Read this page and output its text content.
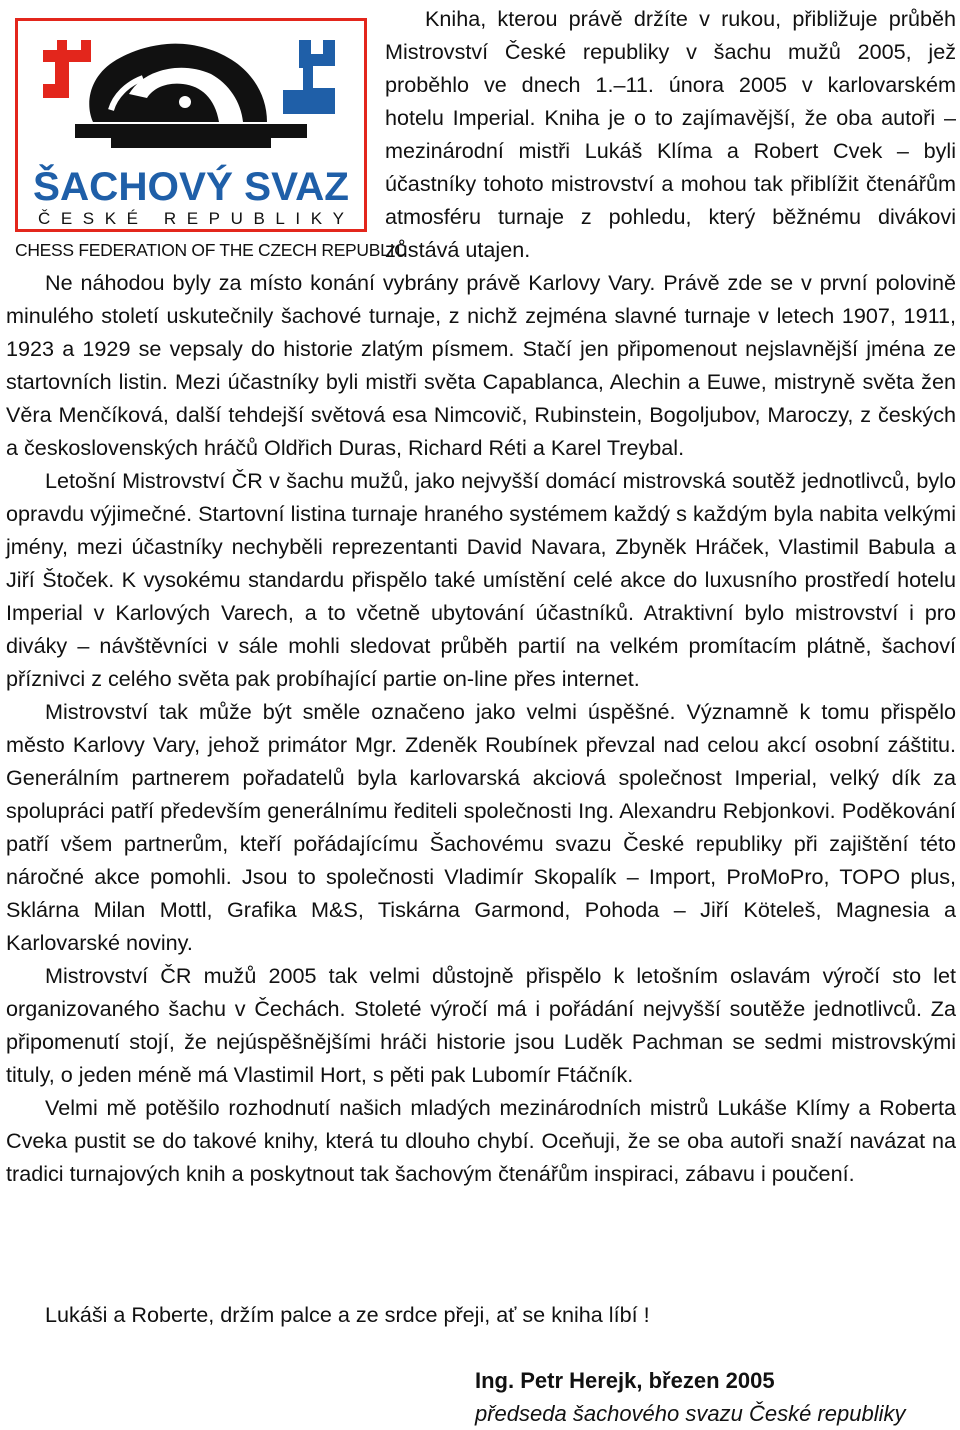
ŠACHOVÝ SVAZ
ČESKÉ REPUBLIKY
CHESS FEDERATION OF THE CZECH REPUBLIC

Kniha, kterou právě držíte v rukou, přibližuje průběh Mistrovství České republiky v šachu mužů 2005, jež proběhlo ve dnech 1.–11. února 2005 v karlovarském hotelu Imperial. Kniha je o to zajímavější, že oba autoři – mezinárodní mistři Lukáš Klíma a Robert Cvek – byli účastníky tohoto mistrovství a mohou tak přiblížit čtenářům atmosféru turnaje z pohledu, který běžnému divákovi zůstává utajen.

Ne náhodou byly za místo konání vybrány právě Karlovy Vary. Právě zde se v první polovině minulého století uskutečnily šachové turnaje, z nichž zejména slavné turnaje v letech 1907, 1911, 1923 a 1929 se vepsaly do historie zlatým písmem. Stačí jen připomenout nejslavnější jména ze startovních listin. Mezi účastníky byli mistři světa Capablanca, Alechin a Euwe, mistryně světa žen Věra Menčíková, další tehdejší světová esa Nimcovič, Rubinstein, Bogoljubov, Maroczy, z českých a československých hráčů Oldřich Duras, Richard Réti a Karel Treybal.

Letošní Mistrovství ČR v šachu mužů, jako nejvyšší domácí mistrovská soutěž jednotlivců, bylo opravdu výjimečné. Startovní listina turnaje hraného systémem každý s každým byla nabita velkými jmény, mezi účastníky nechyběli reprezentanti David Navara, Zbyněk Hráček, Vlastimil Babula a Jiří Štoček. K vysokému standardu přispělo také umístění celé akce do luxusního prostředí hotelu Imperial v Karlových Varech, a to včetně ubytování účastníků. Atraktivní bylo mistrovství i pro diváky – návštěvníci v sále mohli sledovat průběh partií na velkém promítacím plátně, šachoví příznivci z celého světa pak probíhající partie on-line přes internet.

Mistrovství tak může být směle označeno jako velmi úspěšné. Významně k tomu přispělo město Karlovy Vary, jehož primátor Mgr. Zdeněk Roubínek převzal nad celou akcí osobní záštitu. Generálním partnerem pořadatelů byla karlovarská akciová společnost Imperial, velký dík za spolupráci patří především generálnímu řediteli společnosti Ing. Alexandru Rebjonkovi. Poděkování patří všem partnerům, kteří pořádajícímu Šachovému svazu České republiky při zajištění této náročné akce pomohli. Jsou to společnosti Vladimír Skopalík – Import, ProMoPro, TOPO plus, Sklárna Milan Mottl, Grafika M&S, Tiskárna Garmond, Pohoda – Jiří Köteleš, Magnesia a Karlovarské noviny.

Mistrovství ČR mužů 2005 tak velmi důstojně přispělo k letošním oslavám výročí sto let organizovaného šachu v Čechách. Stoleté výročí má i pořádání nejvyšší soutěže jednotlivců. Za připomenutí stojí, že nejúspěšnějšími hráči historie jsou Luděk Pachman se sedmi mistrovskými tituly, o jeden méně má Vlastimil Hort, s pěti pak Lubomír Ftáčník.

Velmi mě potěšilo rozhodnutí našich mladých mezinárodních mistrů Lukáše Klímy a Roberta Cveka pustit se do takové knihy, která tu dlouho chybí. Oceňuji, že se oba autoři snaží navázat na tradici turnajových knih a poskytnout tak šachovým čtenářům inspiraci, zábavu i poučení.

Lukáši a Roberte, držím palce a ze srdce přeji, ať se kniha líbí !

Ing. Petr Herejk, březen 2005

předseda šachového svazu České republiky
